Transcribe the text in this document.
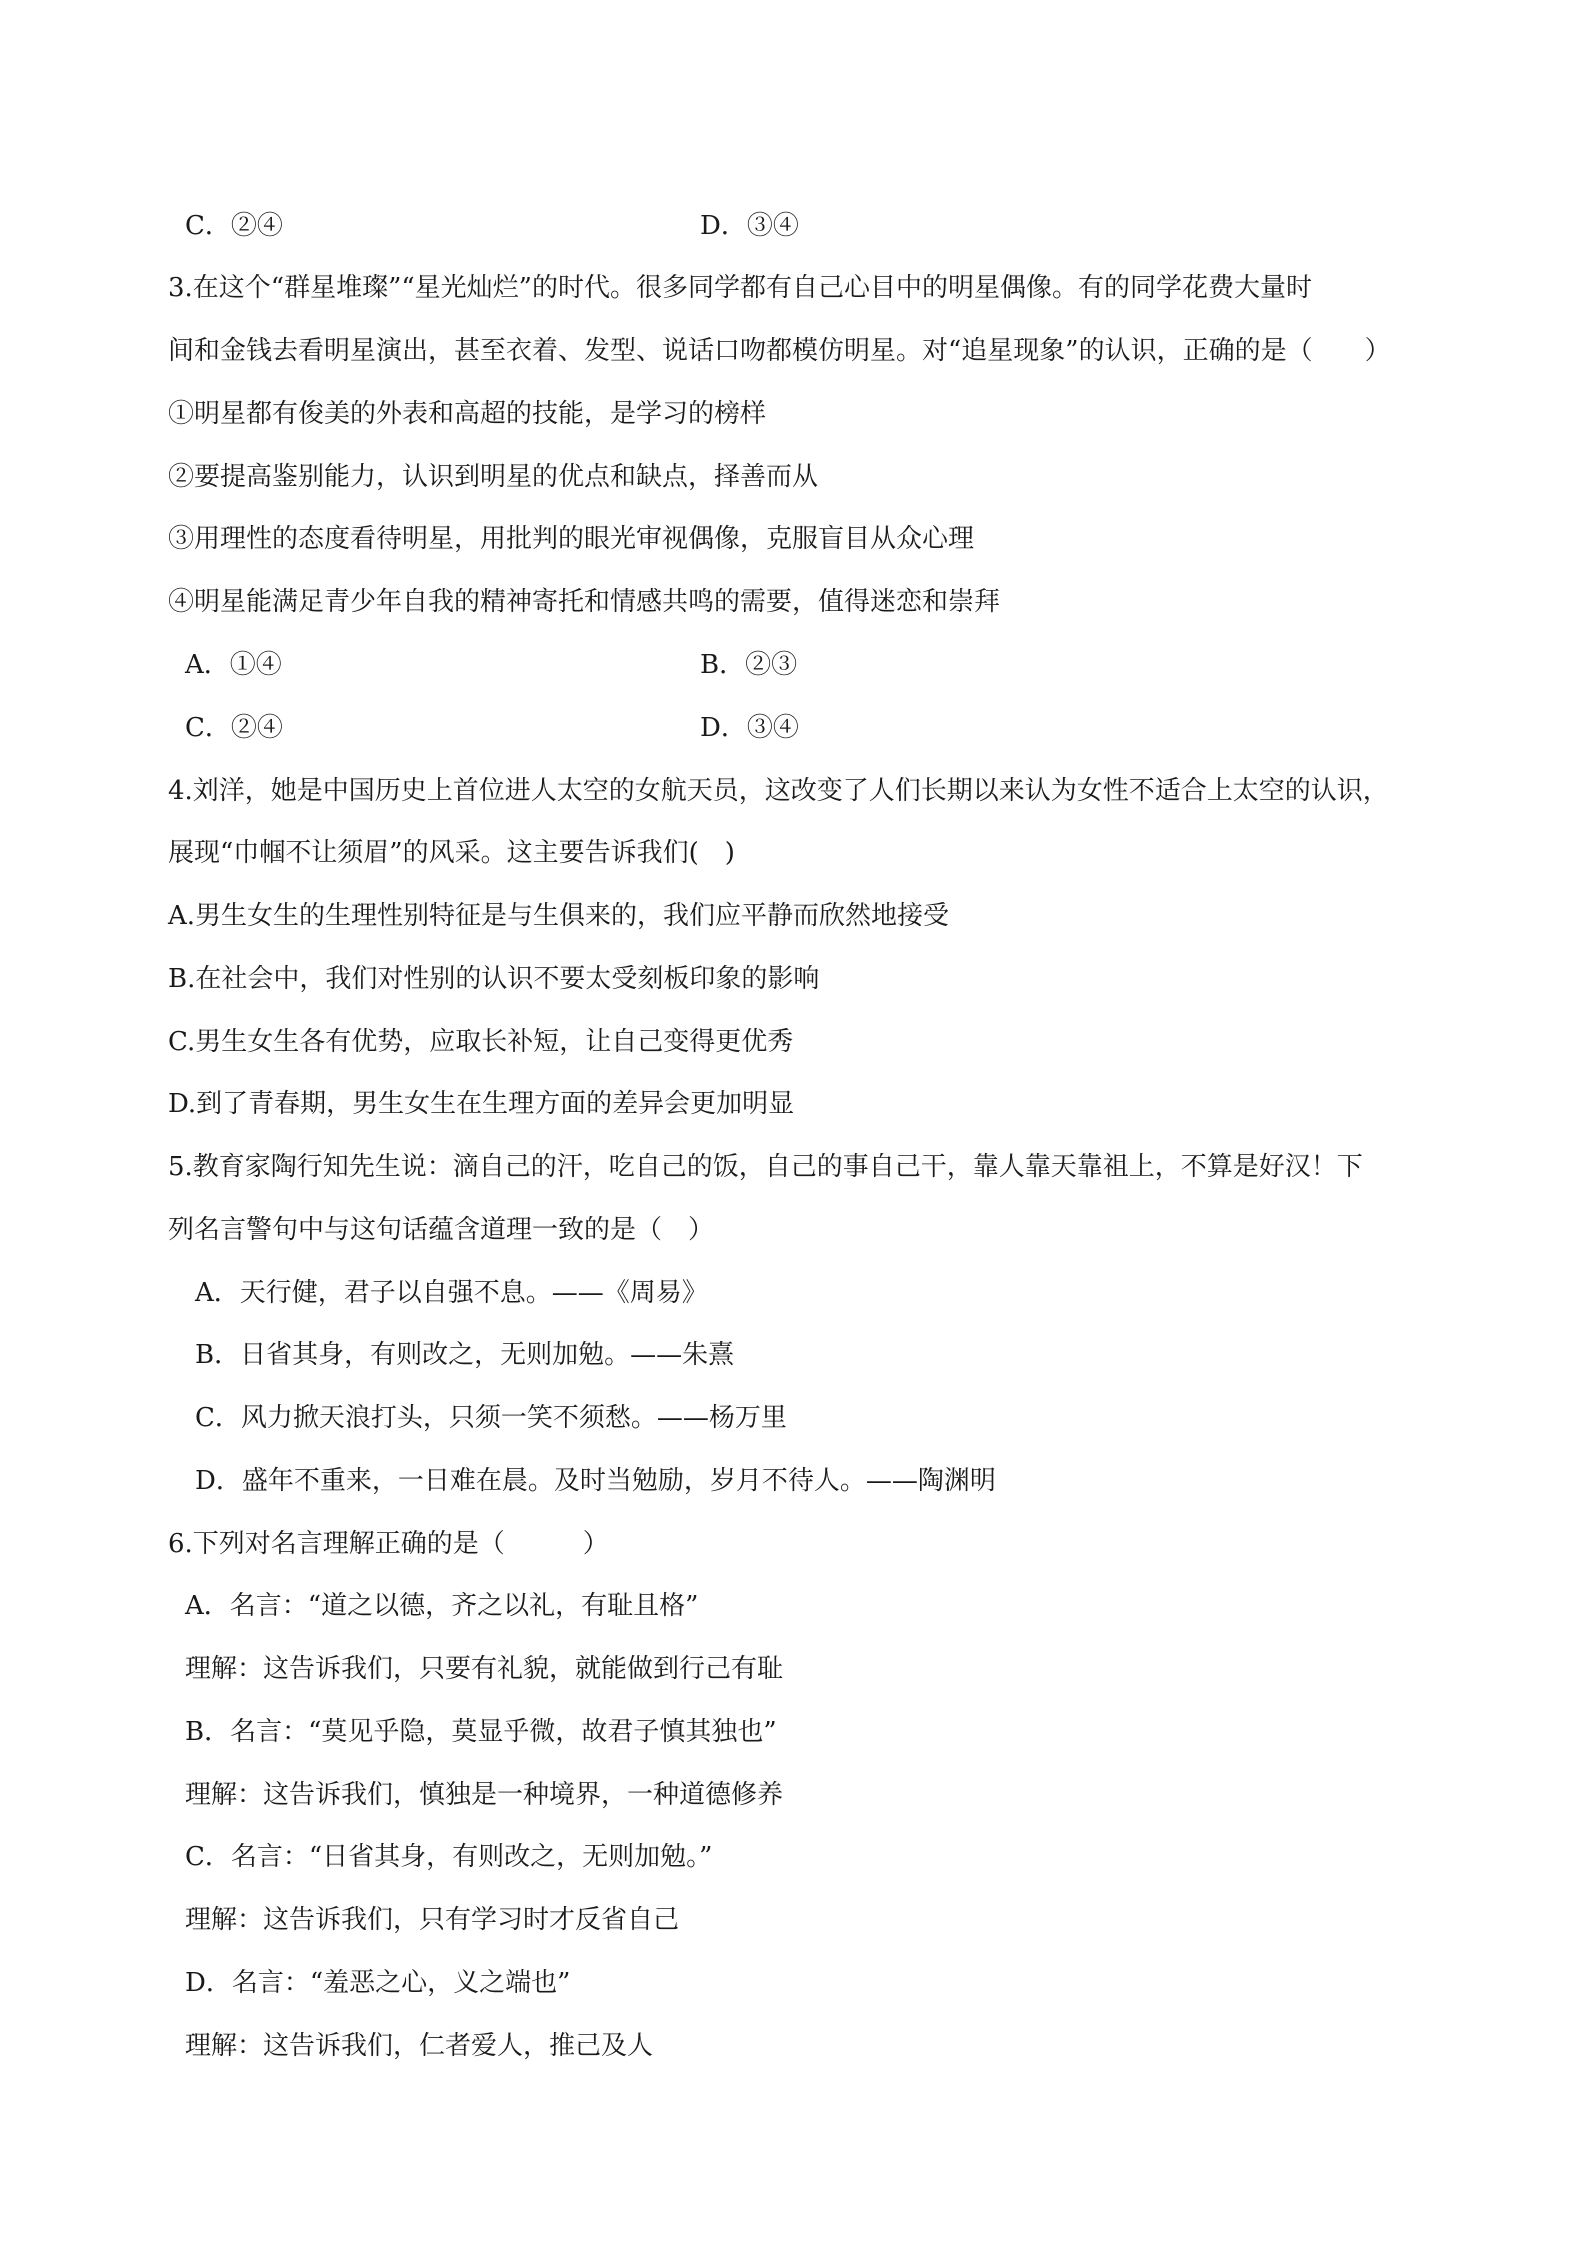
C．②④	D．③④
3.在这个“群星堆璨”“星光灿烂”的时代。很多同学都有自己心目中的明星偶像。有的同学花费大量时
间和金钱去看明星演出，甚至衣着、发型、说话口吻都模仿明星。对“追星现象”的认识，正确的是（　　）
①明星都有俊美的外表和高超的技能，是学习的榜样
②要提高鉴别能力，认识到明星的优点和缺点，择善而从
③用理性的态度看待明星，用批判的眼光审视偶像，克服盲目从众心理
④明星能满足青少年自我的精神寄托和情感共鸣的需要，值得迷恋和崇拜
A．①④	B．②③
C．②④	D．③④
4.刘洋，她是中国历史上首位进人太空的女航天员，这改变了人们长期以来认为女性不适合上太空的认识，
展现“巾帼不让须眉”的风采。这主要告诉我们(　)
A.男生女生的生理性别特征是与生俱来的，我们应平静而欣然地接受
B.在社会中，我们对性别的认识不要太受刻板印象的影响
C.男生女生各有优势，应取长补短，让自己变得更优秀
D.到了青春期，男生女生在生理方面的差异会更加明显
5.教育家陶行知先生说：滴自己的汗，吃自己的饭，自己的事自己干，靠人靠天靠祖上，不算是好汉！下
列名言警句中与这句话蕴含道理一致的是（　）
A．天行健，君子以自强不息。——《周易》
B．日省其身，有则改之，无则加勉。——朱熹
C．风力掀天浪打头，只须一笑不须愁。——杨万里
D．盛年不重来，一日难在晨。及时当勉励，岁月不待人。——陶渊明
6.下列对名言理解正确的是（　　　）
A．名言：“道之以德，齐之以礼，有耻且格”
理解：这告诉我们，只要有礼貌，就能做到行己有耻
B．名言：“莫见乎隐，莫显乎微，故君子慎其独也”
理解：这告诉我们，慎独是一种境界，一种道德修养
C．名言：“日省其身，有则改之，无则加勉。”
理解：这告诉我们，只有学习时才反省自己
D．名言：“羞恶之心，义之端也”
理解：这告诉我们，仁者爱人，推己及人
